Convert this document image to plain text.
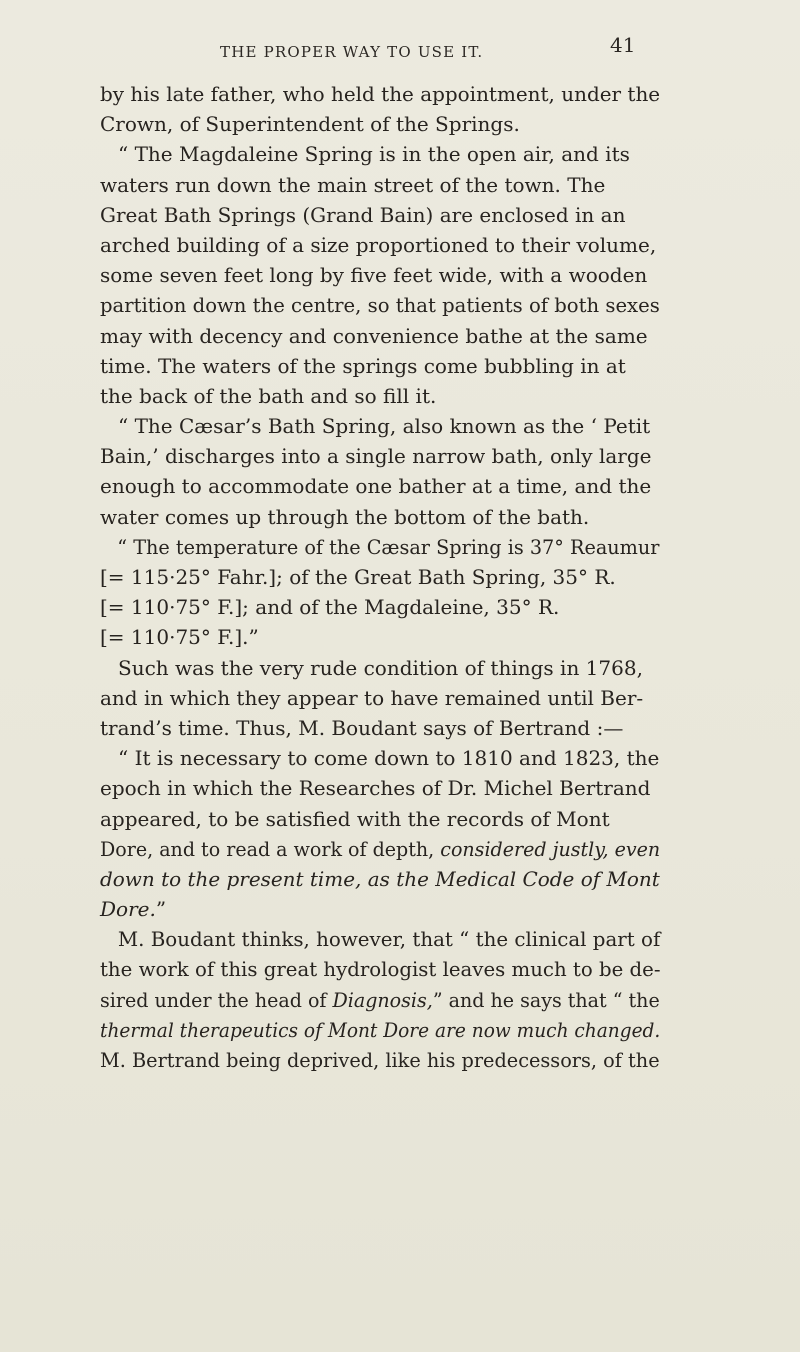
THE PROPER WAY TO USE IT.	41
by his late father, who held the appointment, under the
Crown, of Superintendent of the Springs.
“ The Magdaleine Spring is in the open air, and its
waters run down the main street of the town. The
Great Bath Springs (Grand Bain) are enclosed in an
arched building of a size proportioned to their volume,
some seven feet long by five feet wide, with a wooden
partition down the centre, so that patients of both sexes
may with decency and convenience bathe at the same
time. The waters of the springs come bubbling in at
the back of the bath and so fill it.
“ The Cæsar’s Bath Spring, also known as the ‘ Petit
Bain,’ discharges into a single narrow bath, only large
enough to accommodate one bather at a time, and the
water comes up through the bottom of the bath.
“ The temperature of the Cæsar Spring is 37° Reaumur
[= 115·25° Fahr.]; of the Great Bath Spring, 35° R.
[= 110·75° F.]; and of the Magdaleine, 35° R.
[= 110·75° F.].”
Such was the very rude condition of things in 1768,
and in which they appear to have remained until Ber-
trand’s time. Thus, M. Boudant says of Bertrand :—
“ It is necessary to come down to 1810 and 1823, the
epoch in which the Researches of Dr. Michel Bertrand
appeared, to be satisfied with the records of Mont
Dore, and to read a work of depth, considered justly, even
down to the present time, as the Medical Code of Mont
Dore.”
M. Boudant thinks, however, that “ the clinical part of
the work of this great hydrologist leaves much to be de-
sired under the head of Diagnosis,” and he says that “ the
thermal therapeutics of Mont Dore are now much changed.
M. Bertrand being deprived, like his predecessors, of the
